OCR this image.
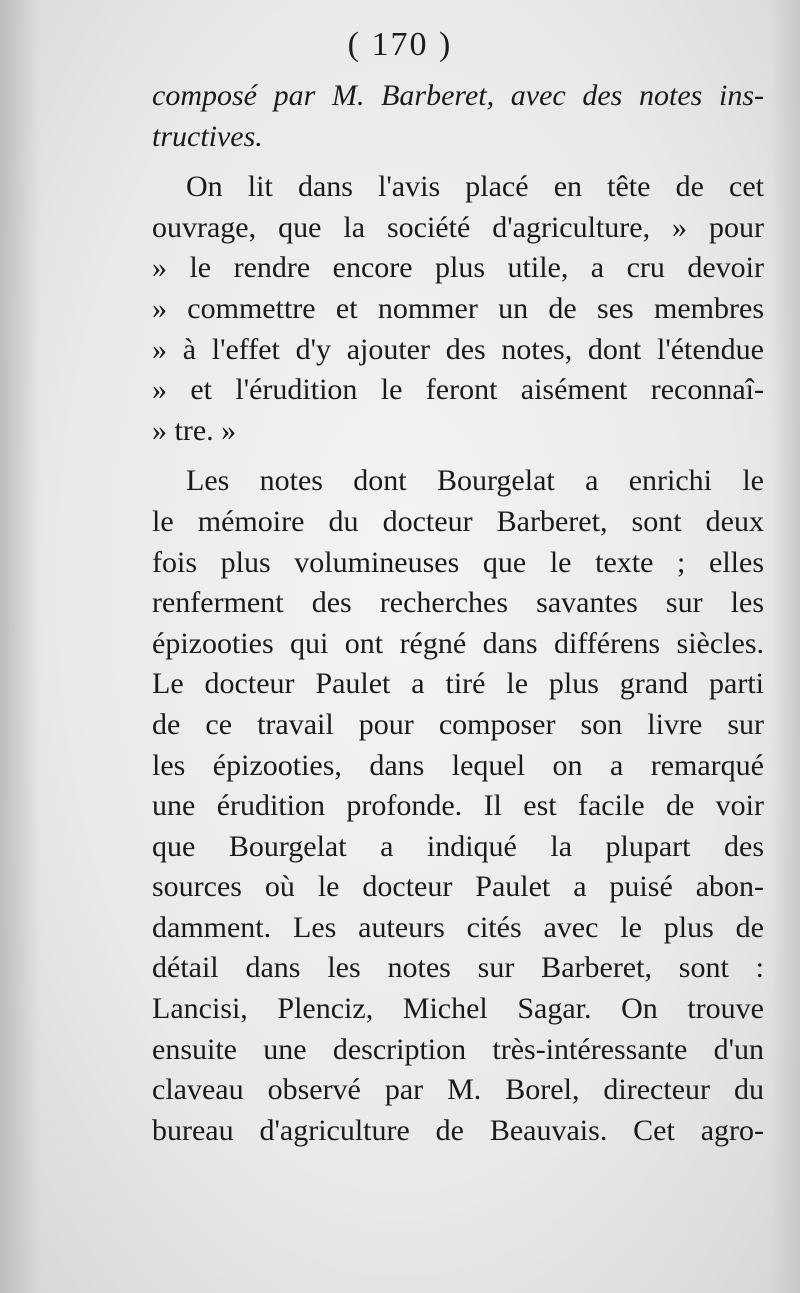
( 170 )
composé par M. Barberet, avec des notes ins-
tructives.
On lit dans l'avis placé en tête de cet
ouvrage, que la société d'agriculture, » pour
» le rendre encore plus utile, a cru devoir
» commettre et nommer un de ses membres
» à l'effet d'y ajouter des notes, dont l'étendue
» et l'érudition le feront aisément reconnaî-
» tre. »
Les notes dont Bourgelat a enrichi le
le mémoire du docteur Barberet, sont deux
fois plus volumineuses que le texte ; elles
renferment des recherches savantes sur les
épizooties qui ont régné dans différens siècles.
Le docteur Paulet a tiré le plus grand parti
de ce travail pour composer son livre sur
les épizooties, dans lequel on a remarqué
une érudition profonde. Il est facile de voir
que Bourgelat a indiqué la plupart des
sources où le docteur Paulet a puisé abon-
damment. Les auteurs cités avec le plus de
détail dans les notes sur Barberet, sont :
Lancisi, Plenciz, Michel Sagar. On trouve
ensuite une description très-intéressante d'un
claveau observé par M. Borel, directeur du
bureau d'agriculture de Beauvais. Cet agro-
